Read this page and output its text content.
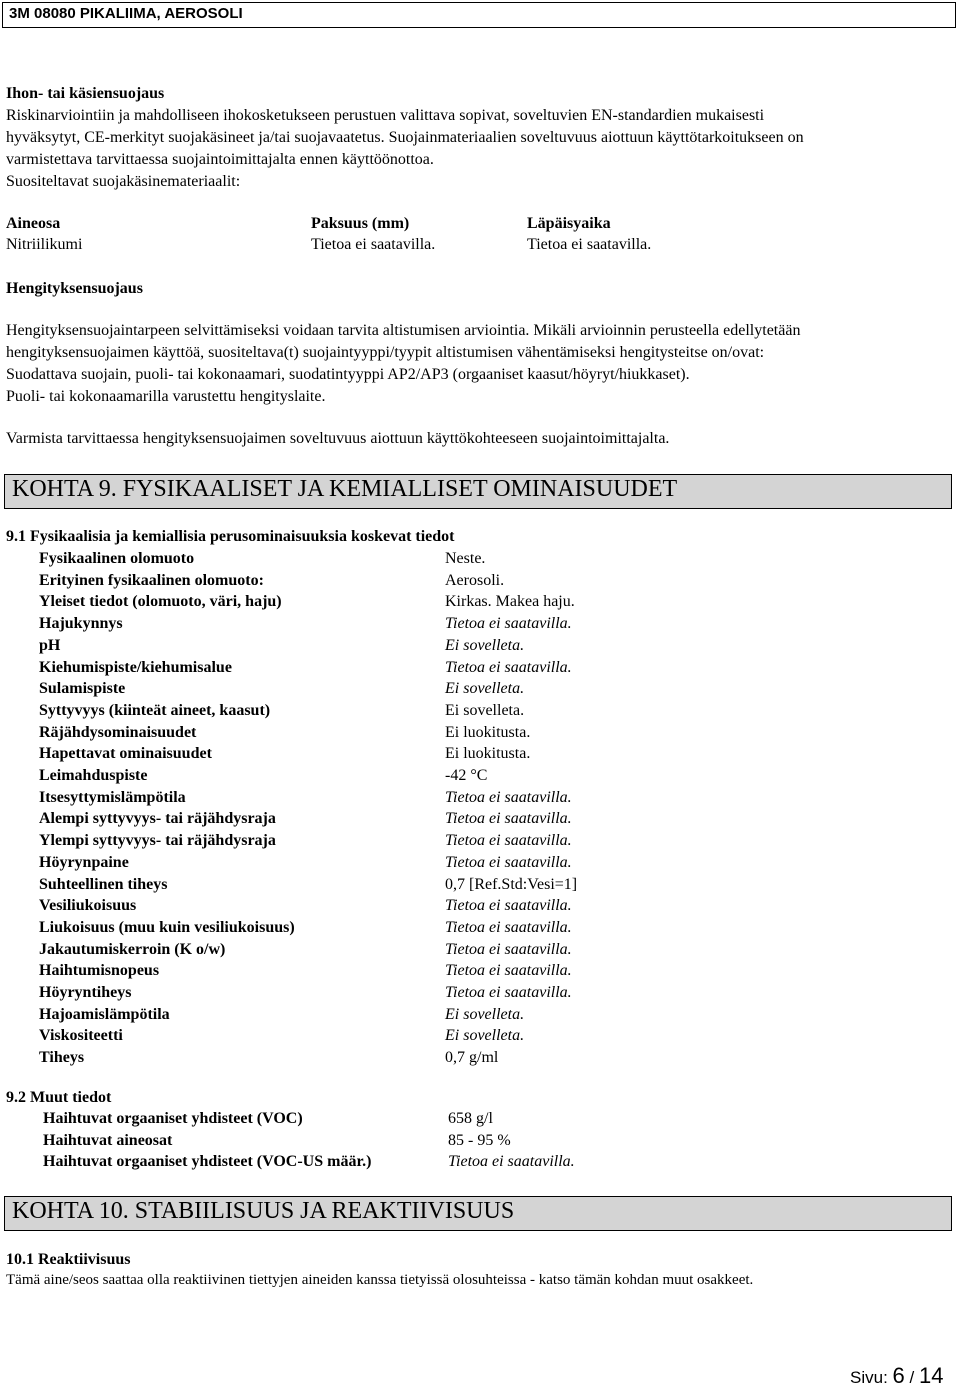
3M 08080 PIKALIIMA, AEROSOLI
Ihon- tai käsiensuojaus
Riskinarviointiin ja mahdolliseen ihokosketukseen perustuen valittava sopivat, soveltuvien EN-standardien mukaisesti
hyväksytyt, CE-merkityt suojakäsineet ja/tai suojavaatetus. Suojainmateriaalien soveltuvuus aiottuun käyttötarkoitukseen on
varmistettava tarvittaessa suojaintoimittajalta ennen käyttöönottoa.
Suositeltavat suojakäsinemateriaalit:
Aineosa	Paksuus (mm)	Läpäisyaika
Nitriilikumi	Tietoa ei saatavilla.	Tietoa ei saatavilla.
Hengityksensuojaus
Hengityksensuojaintarpeen selvittämiseksi voidaan tarvita altistumisen arviointia. Mikäli arvioinnin perusteella edellytetään
hengityksensuojaimen käyttöä, suositeltava(t) suojaintyyppi/tyypit altistumisen vähentämiseksi hengitysteitse on/ovat:
Suodattava suojain, puoli- tai kokonaamari, suodatintyyppi AP2/AP3 (orgaaniset kaasut/höyryt/hiukkaset).
Puoli- tai kokonaamarilla varustettu hengityslaite.
Varmista tarvittaessa hengityksensuojaimen soveltuvuus aiottuun käyttökohteeseen suojaintoimittajalta.
KOHTA 9. FYSIKAALISET JA KEMIALLISET OMINAISUUDET
9.1 Fysikaalisia ja kemiallisia perusominaisuuksia koskevat tiedot
Fysikaalinen olomuoto	Neste.
Erityinen fysikaalinen olomuoto:	Aerosoli.
Yleiset tiedot (olomuoto, väri, haju)	Kirkas. Makea haju.
Hajukynnys	Tietoa ei saatavilla.
pH	Ei sovelleta.
Kiehumispiste/kiehumisalue	Tietoa ei saatavilla.
Sulamispiste	Ei sovelleta.
Syttyvyys (kiinteät aineet, kaasut)	Ei sovelleta.
Räjähdysominaisuudet	Ei luokitusta.
Hapettavat ominaisuudet	Ei luokitusta.
Leimahduspiste	-42 °C
Itsesyttymislämpötila	Tietoa ei saatavilla.
Alempi syttyvyys- tai räjähdysraja	Tietoa ei saatavilla.
Ylempi syttyvyys- tai räjähdysraja	Tietoa ei saatavilla.
Höyrynpaine	Tietoa ei saatavilla.
Suhteellinen tiheys	0,7 [Ref.Std:Vesi=1]
Vesiliukoisuus	Tietoa ei saatavilla.
Liukoisuus (muu kuin vesiliukoisuus)	Tietoa ei saatavilla.
Jakautumiskerroin (K o/w)	Tietoa ei saatavilla.
Haihtumisnopeus	Tietoa ei saatavilla.
Höyryntiheys	Tietoa ei saatavilla.
Hajoamislämpötila	Ei sovelleta.
Viskositeetti	Ei sovelleta.
Tiheys	0,7 g/ml
9.2 Muut tiedot
Haihtuvat orgaaniset yhdisteet (VOC)	658 g/l
Haihtuvat aineosat	85 - 95 %
Haihtuvat orgaaniset yhdisteet (VOC-US määr.)	Tietoa ei saatavilla.
KOHTA 10. STABIILISUUS JA REAKTIIVISUUS
10.1 Reaktiivisuus
Tämä aine/seos saattaa olla reaktiivinen tiettyjen aineiden kanssa tietyissä olosuhteissa - katso tämän kohdan muut osakkeet.
Sivu: 6 / 14
